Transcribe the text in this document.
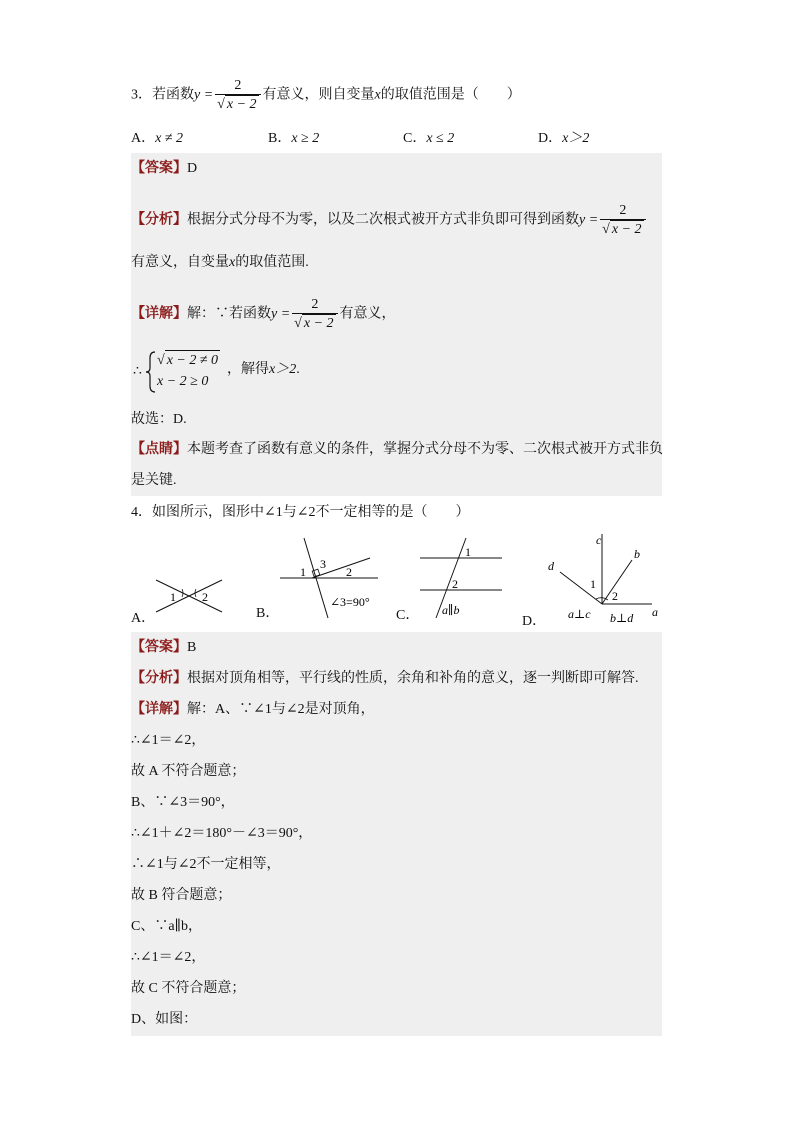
3．若函数$y = \frac{2}{√ x - 2}$ 有意义，则自变量x的取值范围是（　　）
A．x ≠ 2	B．x ≥ 2	C．x ≤ 2	D．x＞2
【答案】D
【分析】根据分式分母不为零，以及二次根式被开方式非负即可得到函数$y = \frac{2}{√ x - 2}$
有意义，自变量x的取值范围.
【详解】解：∵若函数$y = \frac{2}{√ x - 2}$ 有意义，
∴
√ x − 2 ≠ 0
x − 2 ≥ 0
，解得x＞2.
故选：D.
【点睛】本题考查了函数有意义的条件，掌握分式分母不为零、二次根式被开方式非负
是关键.
4．如图所示，图形中∠1与∠2不一定相等的是（　　）
A．
1 2
B．
1
3
2
∠3=90°
C．
1
2
a∥b
D．
c
b
d
a
1
2
a⊥c b⊥d
【答案】B
【分析】根据对顶角相等，平行线的性质，余角和补角的意义，逐一判断即可解答.
【详解】解：A、∵∠1与∠2是对顶角，
∴∠1＝∠2，
故 A 不符合题意；
B、∵∠3＝90°，
∴∠1＋∠2＝180°－∠3＝90°，
∴∠1与∠2不一定相等，
故 B 符合题意；
C、∵a∥b，
∴∠1＝∠2，
故 C 不符合题意；
D、如图：
